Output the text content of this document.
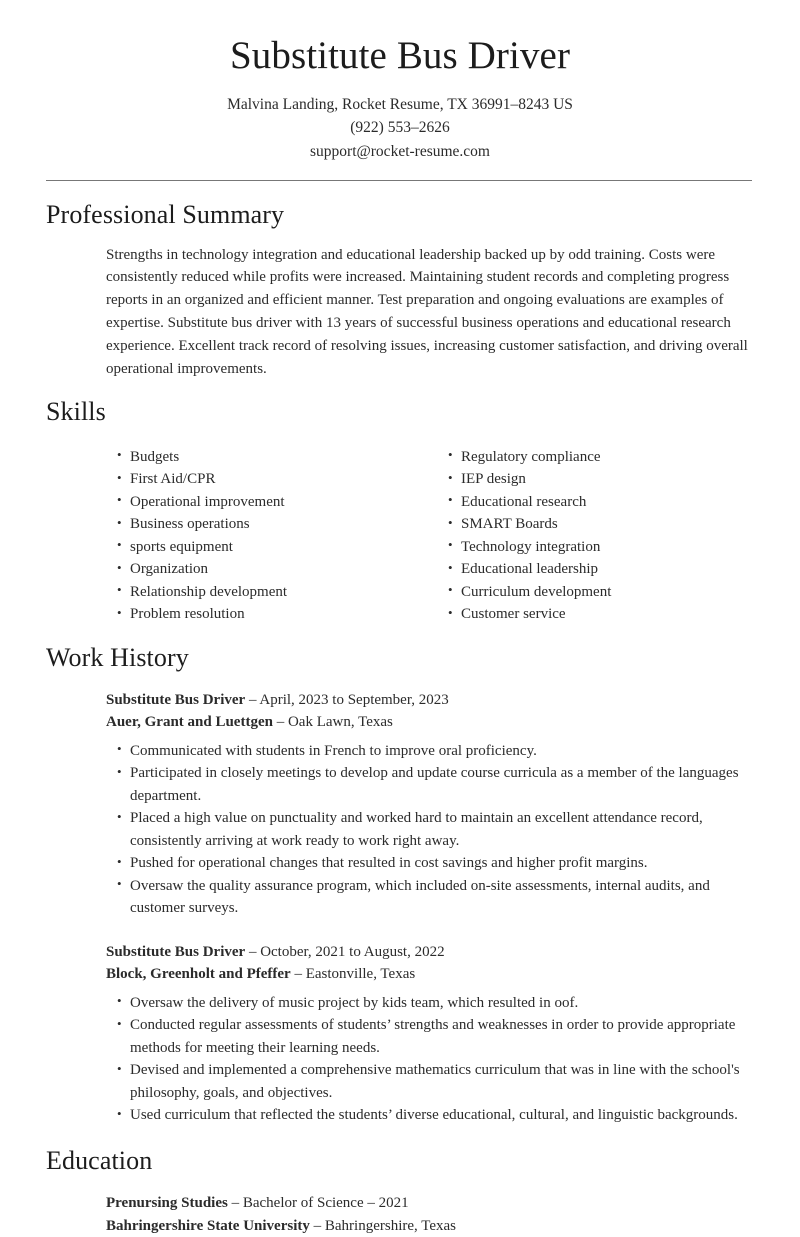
Substitute Bus Driver

Malvina Landing, Rocket Resume, TX 36991–8243 US

(922) 553–2626

support@rocket-resume.com

Professional Summary

Strengths in technology integration and educational leadership backed up by odd training. Costs were consistently reduced while profits were increased. Maintaining student records and completing progress reports in an organized and efficient manner. Test preparation and ongoing evaluations are examples of expertise. Substitute bus driver with 13 years of successful business operations and educational research experience. Excellent track record of resolving issues, increasing customer satisfaction, and driving overall operational improvements.

Skills
• Budgets
• First Aid/CPR
• Operational improvement
• Business operations
• sports equipment
• Organization
• Relationship development
• Problem resolution
• Regulatory compliance
• IEP design
• Educational research
• SMART Boards
• Technology integration
• Educational leadership
• Curriculum development
• Customer service
Work History

Substitute Bus Driver – April, 2023 to September, 2023

Auer, Grant and Luettgen – Oak Lawn, Texas

• Communicated with students in French to improve oral proficiency.
• Participated in closely meetings to develop and update course curricula as a member of the languages department.
• Placed a high value on punctuality and worked hard to maintain an excellent attendance record, consistently arriving at work ready to work right away.
• Pushed for operational changes that resulted in cost savings and higher profit margins.
• Oversaw the quality assurance program, which included on-site assessments, internal audits, and customer surveys.

Substitute Bus Driver – October, 2021 to August, 2022

Block, Greenholt and Pfeffer – Eastonville, Texas

• Oversaw the delivery of music project by kids team, which resulted in oof.
• Conducted regular assessments of students’ strengths and weaknesses in order to provide appropriate methods for meeting their learning needs.
• Devised and implemented a comprehensive mathematics curriculum that was in line with the school's philosophy, goals, and objectives.
• Used curriculum that reflected the students’ diverse educational, cultural, and linguistic backgrounds.
Education

Prenursing Studies – Bachelor of Science – 2021

Bahringershire State University – Bahringershire, Texas
